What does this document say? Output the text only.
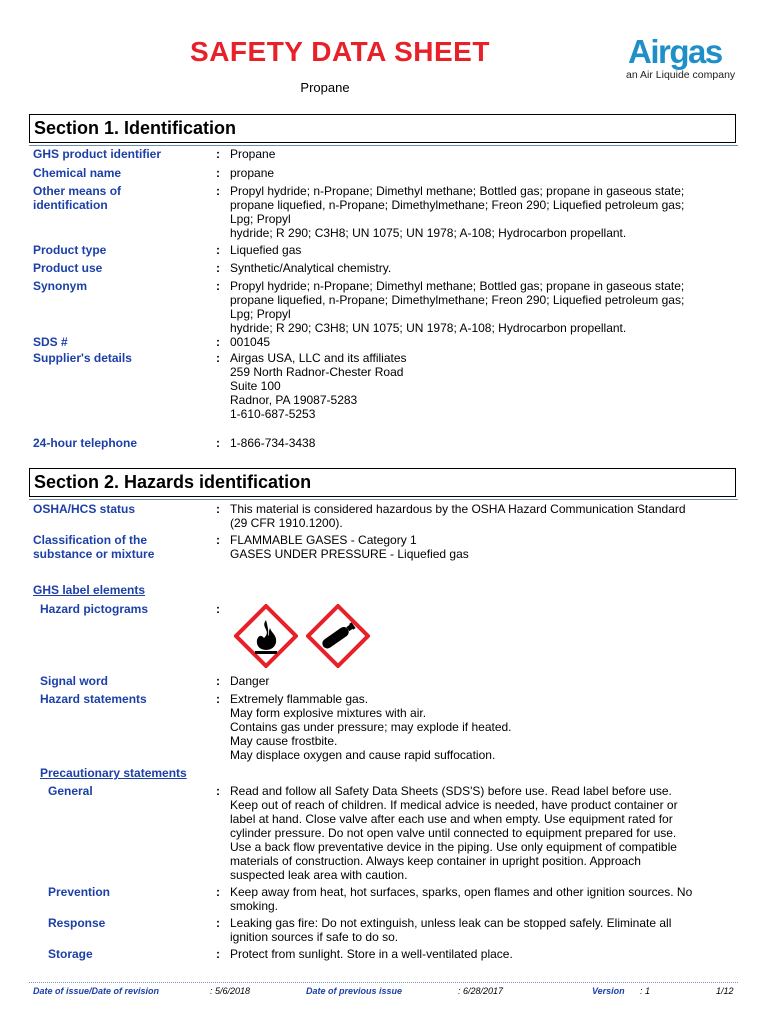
SAFETY DATA SHEET
Propane
Airgas
an Air Liquide company
Section 1. Identification
GHS product identifier	: Propane
Chemical name	: propane
Other means of
identification
: Propyl hydride; n-Propane; Dimethyl methane; Bottled gas; propane in gaseous state;
propane liquefied, n-Propane; Dimethylmethane; Freon 290; Liquefied petroleum gas;
Lpg; Propyl
hydride; R 290; C3H8; UN 1075; UN 1978; A-108; Hydrocarbon propellant.
Product type	: Liquefied gas
Product use	: Synthetic/Analytical chemistry.
Synonym	: Propyl hydride; n-Propane; Dimethyl methane; Bottled gas; propane in gaseous state;
propane liquefied, n-Propane; Dimethylmethane; Freon 290; Liquefied petroleum gas;
Lpg; Propyl
hydride; R 290; C3H8; UN 1075; UN 1978; A-108; Hydrocarbon propellant.
SDS #	: 001045
Supplier's details	: Airgas USA, LLC and its affiliates
259 North Radnor-Chester Road
Suite 100
Radnor, PA 19087-5283
1-610-687-5253
24-hour telephone	: 1-866-734-3438
Section 2. Hazards identification
OSHA/HCS status	: This material is considered hazardous by the OSHA Hazard Communication Standard
(29 CFR 1910.1200).
Classification of the
substance or mixture
: FLAMMABLE GASES - Category 1
GASES UNDER PRESSURE - Liquefied gas
GHS label elements
Hazard pictograms	:
Signal word	: Danger
Hazard statements	: Extremely flammable gas.
May form explosive mixtures with air.
Contains gas under pressure; may explode if heated.
May cause frostbite.
May displace oxygen and cause rapid suffocation.
Precautionary statements
General	: Read and follow all Safety Data Sheets (SDS'S) before use. Read label before use.
Keep out of reach of children. If medical advice is needed, have product container or
label at hand. Close valve after each use and when empty. Use equipment rated for
cylinder pressure. Do not open valve until connected to equipment prepared for use.
Use a back flow preventative device in the piping. Use only equipment of compatible
materials of construction. Always keep container in upright position. Approach
suspected leak area with caution.
Prevention	: Keep away from heat, hot surfaces, sparks, open flames and other ignition sources. No
smoking.
Response	: Leaking gas fire: Do not extinguish, unless leak can be stopped safely. Eliminate all
ignition sources if safe to do so.
Storage	: Protect from sunlight. Store in a well-ventilated place.
Date of issue/Date of revision	: 5/6/2018	Date of previous issue	: 6/28/2017	Version : 1	1/12
